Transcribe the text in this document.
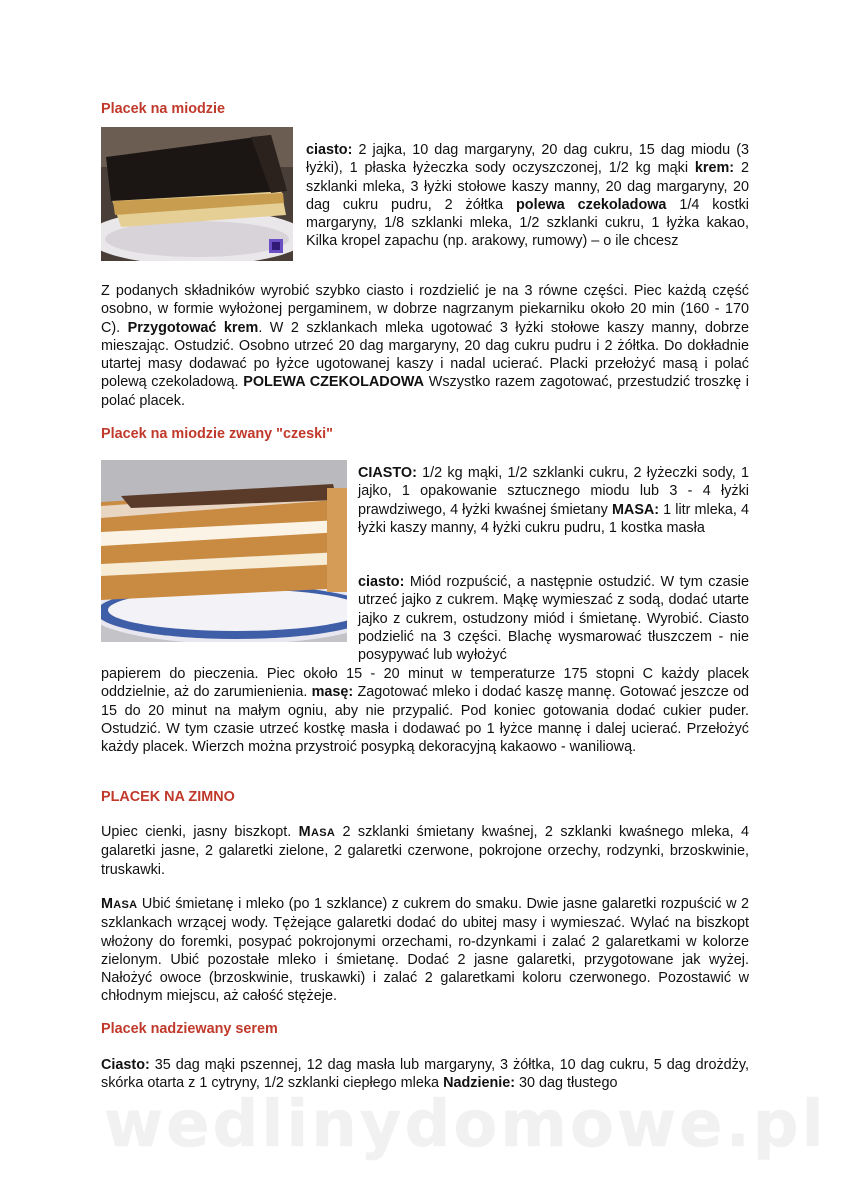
Placek na miodzie

ciasto: 2 jajka, 10 dag margaryny, 20 dag cukru, 15 dag miodu (3 łyżki), 1 płaska łyżeczka sody oczyszczonej, 1/2 kg mąki krem: 2 szklanki mleka, 3 łyżki stołowe kaszy manny, 20 dag margaryny, 20 dag cukru pudru, 2 żółtka polewa czekoladowa 1/4 kostki margaryny, 1/8 szklanki mleka, 1/2 szklanki cukru, 1 łyżka kakao, Kilka kropel zapachu (np. arakowy, rumowy) – o ile chcesz

Z podanych składników wyrobić szybko ciasto i rozdzielić je na 3 równe części. Piec każdą część osobno, w formie wyłożonej pergaminem, w dobrze nagrzanym piekarniku około 20 min (160 - 170 C). Przygotować krem. W 2 szklankach mleka ugotować 3 łyżki stołowe kaszy manny, dobrze mieszając. Ostudzić. Osobno utrzeć 20 dag margaryny, 20 dag cukru pudru i 2 żółtka. Do dokładnie utartej masy dodawać po łyżce ugotowanej kaszy i nadal ucierać. Placki przełożyć masą i polać polewą czekoladową. POLEWA CZEKOLADOWA Wszystko razem zagotować, przestudzić troszkę i polać placek.

Placek na miodzie zwany "czeski"

CIASTO: 1/2 kg mąki, 1/2 szklanki cukru, 2 łyżeczki sody, 1 jajko, 1 opakowanie sztucznego miodu lub 3 - 4 łyżki prawdziwego, 4 łyżki kwaśnej śmietany MASA: 1 litr mleka, 4 łyżki kaszy manny, 4 łyżki cukru pudru, 1 kostka masła

ciasto: Miód rozpuścić, a następnie ostudzić. W tym czasie utrzeć jajko z cukrem. Mąkę wymieszać z sodą, dodać utarte jajko z cukrem, ostudzony miód i śmietanę. Wyrobić. Ciasto podzielić na 3 części. Blachę wysmarować tłuszczem - nie posypywać lub wyłożyć

papierem do pieczenia. Piec około 15 - 20 minut w temperaturze 175 stopni C każdy placek oddzielnie, aż do zarumienienia. masę: Zagotować mleko i dodać kaszę mannę. Gotować jeszcze od 15 do 20 minut na małym ogniu, aby nie przypalić. Pod koniec gotowania dodać cukier puder. Ostudzić. W tym czasie utrzeć kostkę masła i dodawać po 1 łyżce mannę i dalej ucierać. Przełożyć każdy placek. Wierzch można przystroić posypką dekoracyjną kakaowo - waniliową.

PLACEK NA ZIMNO

Upiec cienki, jasny biszkopt. MASA 2 szklanki śmietany kwaśnej, 2 szklanki kwaśnego mleka, 4 galaretki jasne, 2 galaretki zielone, 2 galaretki czerwone, pokrojone orzechy, rodzynki, brzoskwinie, truskawki.

MASA Ubić śmietanę i mleko (po 1 szklance) z cukrem do smaku. Dwie jasne galaretki rozpuścić w 2 szklankach wrzącej wody. Tężejące galaretki dodać do ubitej masy i wymieszać. Wylać na biszkopt włożony do foremki, posypać pokrojonymi orzechami, ro-dzynkami i zalać 2 galaretkami w kolorze zielonym. Ubić pozostałe mleko i śmietanę. Dodać 2 jasne galaretki, przygotowane jak wyżej. Nałożyć owoce (brzoskwinie, truskawki) i zalać 2 galaretkami koloru czerwonego. Pozostawić w chłodnym miejscu, aż całość stężeje.

Placek nadziewany serem

Ciasto: 35 dag mąki pszennej, 12 dag masła lub margaryny, 3 żółtka, 10 dag cukru, 5 dag drożdży, skórka otarta z 1 cytryny, 1/2 szklanki ciepłego mleka Nadzienie: 30 dag tłustego

wedlinydomowe.pl
